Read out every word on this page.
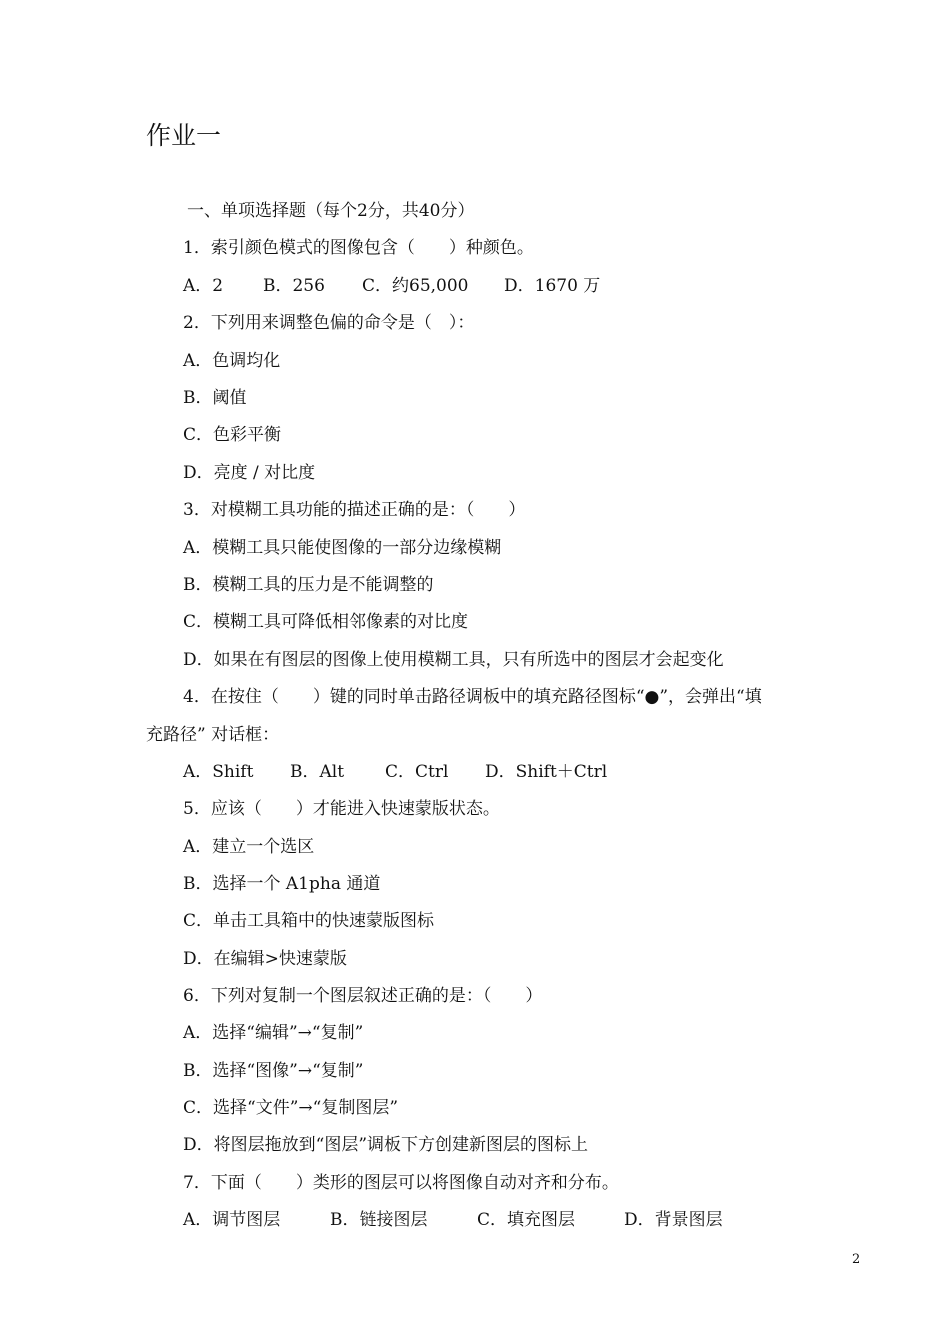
作业一
一、单项选择题（每个2分，共40分）
1．索引颜色模式的图像包含（　　）种颜色。
A．2 B．256 C．约65,000 D．1670 万
2．下列用来调整色偏的命令是（　）：
A．色调均化
B．阈值
C．色彩平衡
D．亮度 / 对比度
3．对模糊工具功能的描述正确的是：（　　）
A．模糊工具只能使图像的一部分边缘模糊
B．模糊工具的压力是不能调整的
C．模糊工具可降低相邻像素的对比度
D．如果在有图层的图像上使用模糊工具，只有所选中的图层才会起变化
4．在按住（　　）键的同时单击路径调板中的填充路径图标“●”，会弹出“填
充路径” 对话框：
A．Shift B．Alt C．Ctrl D．Shift＋Ctrl
5．应该（　　）才能进入快速蒙版状态。
A．建立一个选区
B．选择一个 A1pha 通道
C．单击工具箱中的快速蒙版图标
D．在编辑>快速蒙版
6．下列对复制一个图层叙述正确的是：（　　）
A．选择“编辑”→“复制”
B．选择“图像”→“复制”
C．选择“文件”→“复制图层”
D．将图层拖放到“图层”调板下方创建新图层的图标上
7．下面（　　）类形的图层可以将图像自动对齐和分布。
A．调节图层	B．链接图层	C．填充图层	D．背景图层
2
